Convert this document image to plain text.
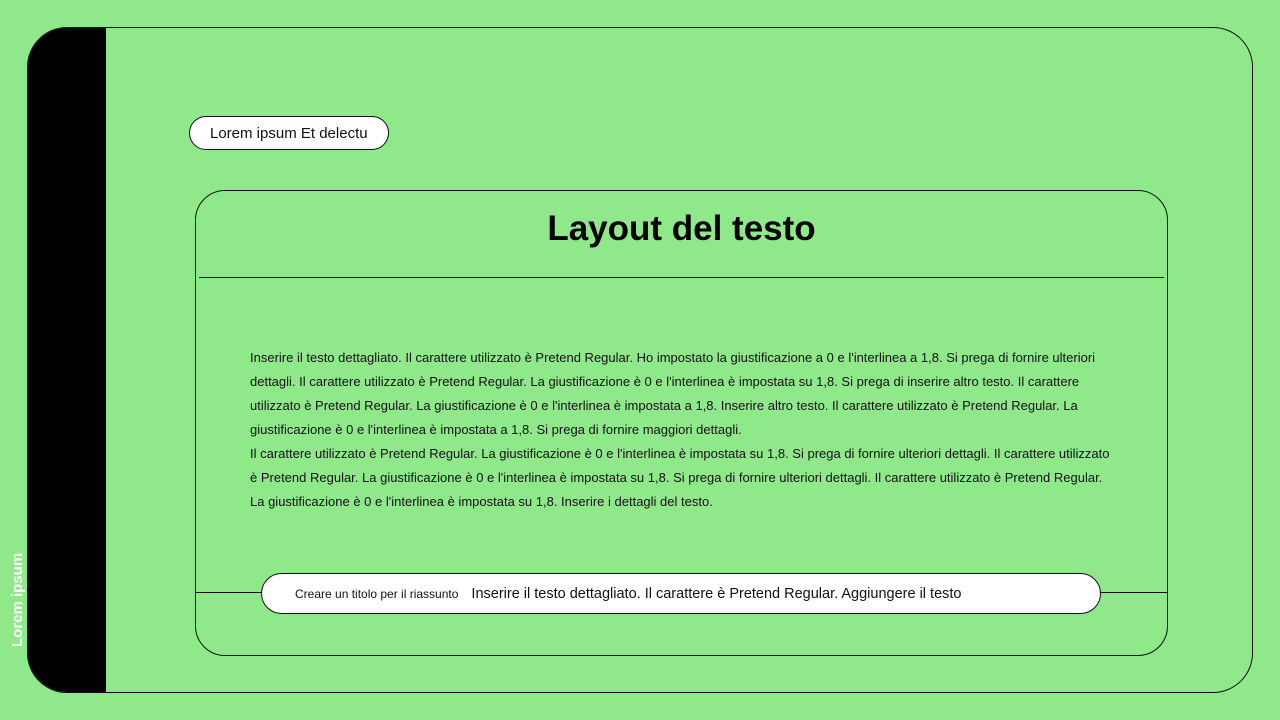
Lorem ipsum
Lorem ipsum Et delectu
Layout del testo

Inserire il testo dettagliato. Il carattere utilizzato è Pretend Regular. Ho impostato la giustificazione a 0 e l'interlinea a 1,8. Si prega di fornire ulteriori dettagli. Il carattere utilizzato è Pretend Regular. La giustificazione è 0 e l'interlinea è impostata su 1,8. Si prega di inserire altro testo. Il carattere utilizzato è Pretend Regular. La giustificazione è 0 e l'interlinea è impostata a 1,8. Inserire altro testo. Il carattere utilizzato è Pretend Regular. La giustificazione è 0 e l'interlinea è impostata a 1,8. Si prega di fornire maggiori dettagli.

Il carattere utilizzato è Pretend Regular. La giustificazione è 0 e l'interlinea è impostata su 1,8. Si prega di fornire ulteriori dettagli. Il carattere utilizzato è Pretend Regular. La giustificazione è 0 e l'interlinea è impostata su 1,8. Si prega di fornire ulteriori dettagli. Il carattere utilizzato è Pretend Regular. La giustificazione è 0 e l'interlinea è impostata su 1,8. Inserire i dettagli del testo.

Creare un titolo per il riassunto Inserire il testo dettagliato. Il carattere è Pretend Regular. Aggiungere il testo
